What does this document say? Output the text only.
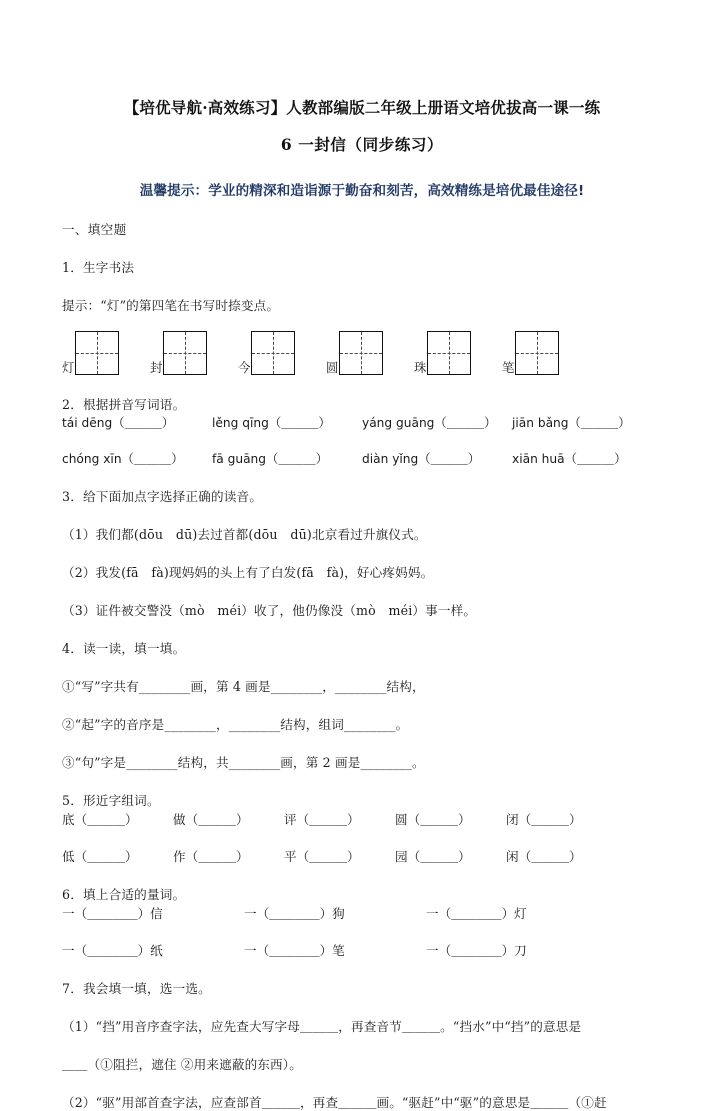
【培优导航·高效练习】人教部编版二年级上册语文培优拔高一课一练
6 一封信（同步练习）

温馨提示：学业的精深和造诣源于勤奋和刻苦，高效精练是培优最佳途径!

一、填空题

1．生字书法

提示：“灯”的第四笔在书写时捺变点。

灯	封	今	圆	珠	笔

2．根据拼音写词语。

tái dēng（＿＿＿）	lěng qīng（＿＿＿）	yáng guāng（＿＿＿）	jiān bǎng（＿＿＿）
chóng xīn（＿＿＿）	fā guāng（＿＿＿）	diàn yǐng（＿＿＿）	xiān huā（＿＿＿）

3．给下面加点字选择正确的读音。

（1）我们都(dōu　dū)去过首都(dōu　dū)北京看过升旗仪式。

（2）我发(fā　fà)现妈妈的头上有了白发(fā　fà)，好心疼妈妈。

（3）证件被交警没（mò　méi）收了，他仍像没（mò　méi）事一样。

4．读一读，填一填。

①“写”字共有________画，第 4 画是________，________结构，

②“起”字的音序是________，________结构，组词________。

③“句”字是________结构，共________画，第 2 画是________。

5．形近字组词。

底（＿＿＿）	做（＿＿＿）	评（＿＿＿）	圆（＿＿＿）	闭（＿＿＿）
低（＿＿＿）	作（＿＿＿）	平（＿＿＿）	园（＿＿＿）	闲（＿＿＿）

6．填上合适的量词。

一（＿＿＿＿）信	一（＿＿＿＿）狗	一（＿＿＿＿）灯
一（＿＿＿＿）纸	一（＿＿＿＿）笔	一（＿＿＿＿）刀

7．我会填一填，选一选。

（1）“挡”用音序查字法，应先查大写字母＿＿＿，再查音节＿＿＿。“挡水”中“挡”的意思是

＿＿（①阻拦，遮住 ②用来遮蔽的东西）。

（2）“驱”用部首查字法，应查部首＿＿＿，再查＿＿＿画。“驱赶”中“驱”的意思是＿＿＿（①赶
